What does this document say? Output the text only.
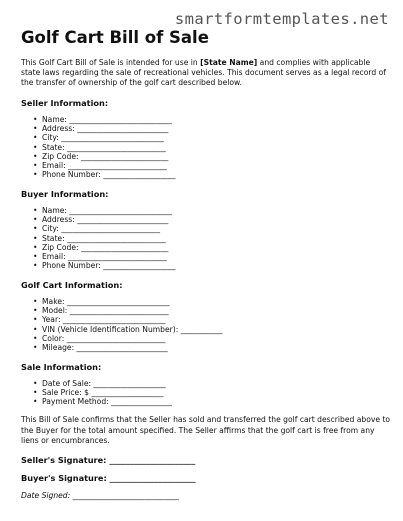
smartformtemplates.net
Golf Cart Bill of Sale

This Golf Cart Bill of Sale is intended for use in [State Name] and complies with applicable state laws regarding the sale of recreational vehicles. This document serves as a legal record of the transfer of ownership of the golf cart described below.

Seller Information:
• Name: ___________________________
• Address: ________________________
• City: ___________________________
• State: __________________________
• Zip Code: _______________________
• Email: __________________________
• Phone Number: ___________________
Buyer Information:
• Name: ___________________________
• Address: ________________________
• City: __________________________
• State: __________________________
• Zip Code: _______________________
• Email: __________________________
• Phone Number: ___________________
Golf Cart Information:
• Make: ___________________________
• Model: __________________________
• Year: ___________________________
• VIN (Vehicle Identification Number): ___________
• Color: __________________________
• Mileage: ________________________
Sale Information:
• Date of Sale: ___________________
• Sale Price: $ ___________________
• Payment Method: ________________

This Bill of Sale confirms that the Seller has sold and transferred the golf cart described above to the Buyer for the total amount specified. The Seller affirms that the golf cart is free from any liens or encumbrances.

Seller's Signature: _____________________
Buyer's Signature: _____________________
Date Signed: ____________________________
